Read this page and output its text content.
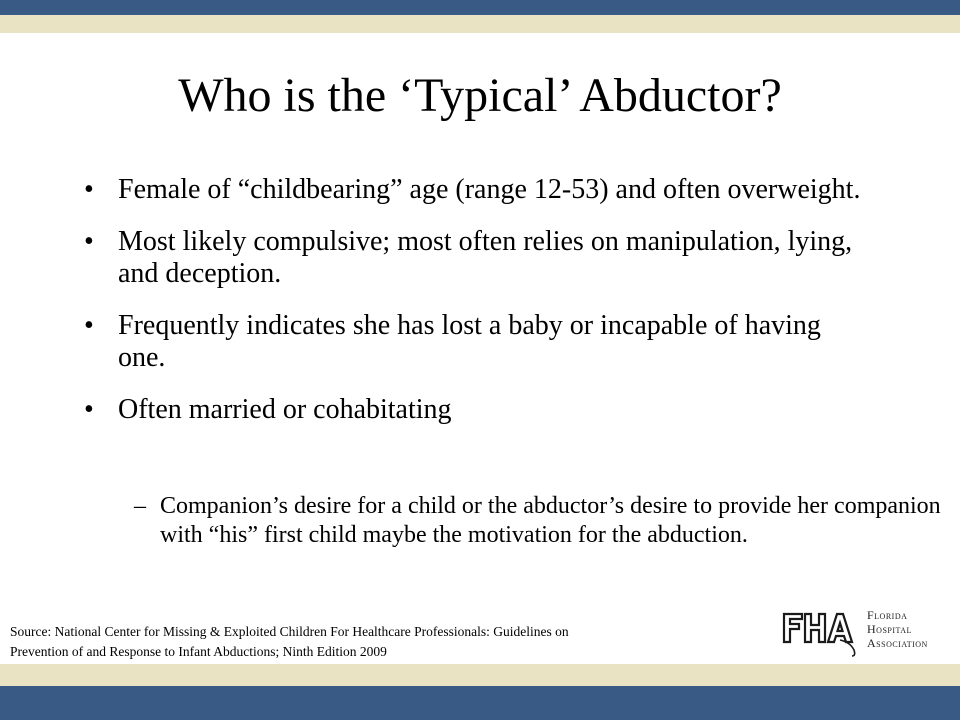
Who is the ‘Typical’ Abductor?
• Female of “childbearing” age (range 12-53) and often overweight.
• Most likely compulsive; most often relies on manipulation, lying, and deception.
• Frequently indicates she has lost a baby or incapable of having one.
• Often married or cohabitating
– Companion’s desire for a child or the abductor’s desire to provide her companion with “his” first child maybe the motivation for the abduction.
Source: National Center for Missing & Exploited Children For Healthcare Professionals: Guidelines on
Prevention of and Response to Infant Abductions; Ninth Edition 2009
FHA
Florida
Hospital
Association
